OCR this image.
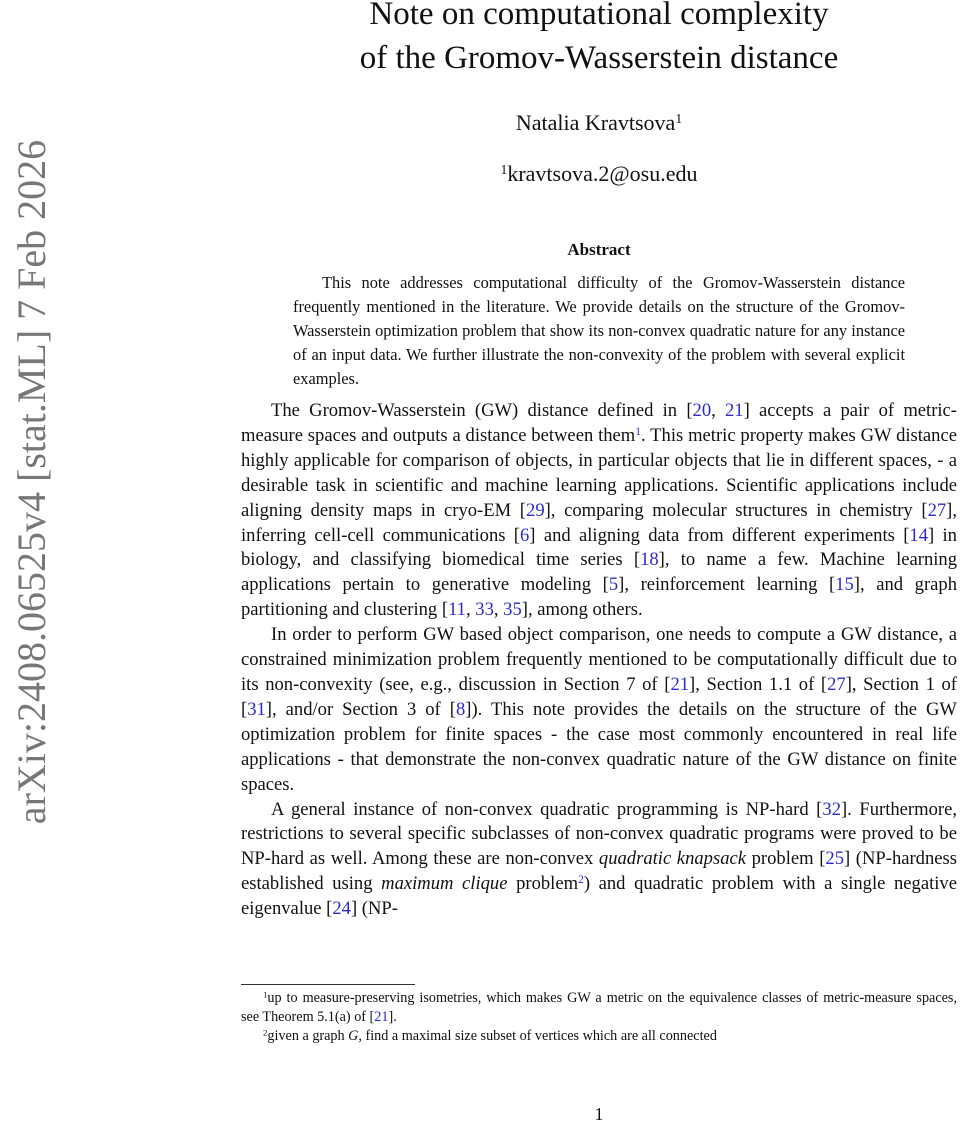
arXiv:2408.06525v4 [stat.ML] 7 Feb 2026
Note on computational complexity
of the Gromov-Wasserstein distance
Natalia Kravtsova$^1$
$^1$kravtsova.2@osu.edu
Abstract
This note addresses computational difficulty of the Gromov-Wasserstein distance frequently mentioned in the literature. We provide details on the structure of the Gromov-Wasserstein optimization problem that show its non-convex quadratic nature for any instance of an input data. We further illustrate the non-convexity of the problem with several explicit examples.

The Gromov-Wasserstein (GW) distance defined in [20, 21] accepts a pair of metric-measure spaces and outputs a distance between them$^1$. This metric property makes GW distance highly applicable for comparison of objects, in particular objects that lie in different spaces, - a desirable task in scientific and machine learning applications. Scientific applications include aligning density maps in cryo-EM [29], comparing molecular structures in chemistry [27], inferring cell-cell communications [6] and aligning data from different experiments [14] in biology, and classifying biomedical time series [18], to name a few. Machine learning applications pertain to generative modeling [5], reinforcement learning [15], and graph partitioning and clustering [11, 33, 35], among others.

In order to perform GW based object comparison, one needs to compute a GW distance, a constrained minimization problem frequently mentioned to be computationally difficult due to its non-convexity (see, e.g., discussion in Section 7 of [21], Section 1.1 of [27], Section 1 of [31], and/or Section 3 of [8]). This note provides the details on the structure of the GW optimization problem for finite spaces - the case most commonly encountered in real life applications - that demonstrate the non-convex quadratic nature of the GW distance on finite spaces.

A general instance of non-convex quadratic programming is NP-hard [32]. Furthermore, restrictions to several specific subclasses of non-convex quadratic programs were proved to be NP-hard as well. Among these are non-convex quadratic knapsack problem [25] (NP-hardness established using maximum clique problem$^2$) and quadratic problem with a single negative eigenvalue [24] (NP-

$^1$up to measure-preserving isometries, which makes GW a metric on the equivalence classes of metric-measure spaces, see Theorem 5.1(a) of [21].

$^2$given a graph G, find a maximal size subset of vertices which are all connected

1
